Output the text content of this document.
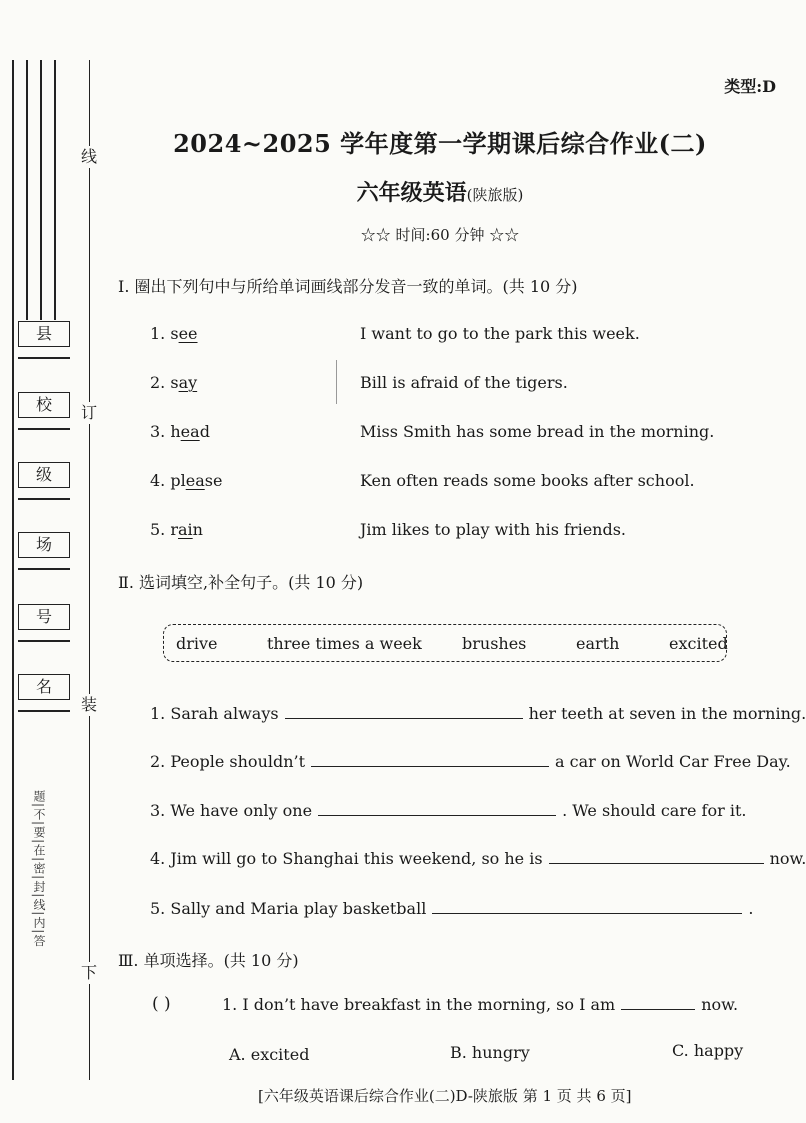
县
校
级
场
号
名
线
订
装
下
题|不|要|在|密|封|线|内|答
类型:D
2024~2025 学年度第一学期课后综合作业(二)
六年级英语(陕旅版)
☆☆ 时间:60 分钟 ☆☆
Ⅰ. 圈出下列句中与所给单词画线部分发音一致的单词。(共 10 分)
1. see	I want to go to the park this week.
2. say	Bill is afraid of the tigers.
3. head	Miss Smith has some bread in the morning.
4. please	Ken often reads some books after school.
5. rain	Jim likes to play with his friends.
Ⅱ. 选词填空,补全句子。(共 10 分)
drive	three times a week	brushes	earth	excited
1. Sarah always	her teeth at seven in the morning.
2. People shouldn’t	a car on World Car Free Day.
3. We have only one	. We should care for it.
4. Jim will go to Shanghai this weekend, so he is	now.
5. Sally and Maria play basketball	.
Ⅲ. 单项选择。(共 10 分)
( )	1. I don’t have breakfast in the morning, so I am	now.
A. excited	B. hungry	C. happy
[六年级英语课后综合作业(二)D-陕旅版 第 1 页 共 6 页]
